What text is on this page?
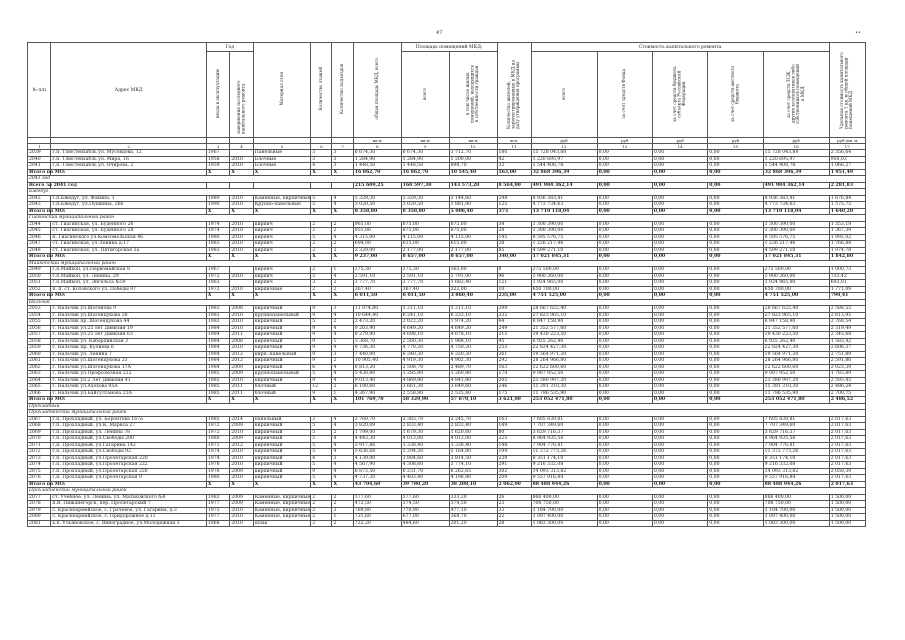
47	••
№ п/п	Адрес МКД	Год		Материал стен	Количество этажей	Количество подъездов	общая площадь МКД, всего	Площадь помещений МКД:		Количество жителей, зарегистрированных в МКД на дату утверждения программы	Стоимость капитального ремонта					Удельная стоимость капитального ремонта 1 кв. м общей площади помещений МКД
		ввода в эксплуатацию	завершения последнего капитального ремонта													
								всего	в том числе жилых помещений, находящихся в собственности граждан		всего	за счет средств Фонда	за счет средств бюджета субъекта Российской Федерации	за счет средств местного бюджета	за счет средств ТСЖ, других кооперативов либо собственников помещений в МКД	
							кв.м	кв.м	кв.м	чел.	руб	руб	руб	руб	руб	руб./кв. м
1	2	3	4	5	6	7	8	9	10	11	12	13	14	15	16	17
2039	г.п. Тлюстенхабль ул. Мусовдова, 12	1967		Панельные	3	3	6 674,30	6 674,30	3 712,70	180	15 728 043,88	0,00	0,00	0,00	15 728 043,88	2 356,64
2040	г.п. Тлюстенхабль ул. Мира, 16	1958	2010	Блочные	3	3	1 284,90	1 284,90	1 200,00	42	1 220 695,97	0,00	0,00	0,00	1 220 695,97	950,03
2041	г.п. Тлюстенхабль ул. Очирова, 2	1959	2010	Блочные	4	3	1 448,50	1 448,50	898,70	33	1 544 408,78	0,00	0,00	0,00	1 544 408,78	1 066,27
Итого по МО:		X	X	X	X	X	16 862,70	16 862,70	10 545,40	563,00	32 868 396,39	0,00	0,00	0,00	32 868 396,39	1 951,49
2041 год																
Всего за 2041 год							215 609,25	160 597,30	143 573,20	8 564,00	491 984 362,14	0,00	0,00	0,00	491 984 362,14	2 281,83
Бжедуг																
2042	г.п.Бжедуг, ул. Фокина, 1	1989	2010	Каменные, кирпичные	5	4	5 329,30	5 329,30	3 144,60	248	8 936 383,41	0,00	0,00	0,00	8 936 383,41	1 676,84
2043	г.п.Бжедуг, ул.Пушкина, 266	1990	2010	Крупно-панельные	5	4	3 029,50	3 029,50	1 881,80	125	4 773 734,63	0,00	0,00	0,00	4 773 734,63	1 575,75
Итого по МО:		X	X	X	X	X	8 358,80	8 358,80	5 006,40	373	13 710 118,04	0,00	0,00	0,00	13 710 118,04	1 640,20
Гиагинский муниципальный район																
2044	ст. Гиагинская, ул. Буденного 26	1974	2010	кирпич	2	2	961,00	875,00	875,00	34	1 300 390,00	0,00	0,00	0,00	1 300 390,00	1 353,19
2045	ст. Гиагинская, ул. Буденного 28	1974	2010	кирпич	2	2	951,00	875,00	875,00	28	1 300 390,00	0,00	0,00	0,00	1 300 390,00	1 367,39
2046	п. Гиагинского ул.Комсомольская 46	1980	2010	кирпич	5	4	4 315,00	4 115,00	4 115,00	145	8 595 576,75	0,00	0,00	0,00	8 595 576,75	1 992,02
2047	ст. Гиагинская, ул.Ленина д.17	1983	2010	кирпич	2	2	694,00	615,00	615,00	28	1 226 217,46	0,00	0,00	0,00	1 226 217,46	1 766,88
2048	ст. Гиагинская, ул. Пятигорская 3а	1983	2010	кирпич	2	2	2 329,00	2 177,00	2 177,00	85	4 599 271,10	0,00	0,00	0,00	4 599 271,10	1 974,78
Итого по МО:		X	X	X	X	X	9 237,00	8 657,00	8 657,00	340,00	17 021 845,31	0,00	0,00	0,00	17 021 845,31	1 842,80
Майкопский муниципальный район																
2049	г.п.Майкоп, ул.Первомайская 8	1967		кирпич	2	1	275,30	275,30	165,00	8	275 500,00	0,00	0,00	0,00	275 500,00	1 000,73
2050	г.п.Майкоп, ул. Ленина, 29	1972	2010	кирпич	5	4	2 591,10	2 591,10	1 791,00	96	1 900 360,00	0,00	0,00	0,00	1 900 360,00	733,42
2051	г.п.Майкоп, ул. Энгельса №59	1963		кирпич	3	2	2 777,70	2 777,70	1 682,40	121	1 924 965,00	0,00	0,00	0,00	1 924 965,00	693,01
2052	п. п. ст. Котовского ул. Победы 97	1972	2010	кирпичные	2	2	367,40	367,40	222,00	10	650 700,00	0,00	0,00	0,00	650 700,00	1 771,09
Итого по МО:		X	X	X	X	X	6 011,50	6 011,50	3 860,40	235,00	4 751 525,00	0,00	0,00	0,00	4 751 525,00	790,41
Нальчик																
2053	г. Нальчик ул.Шогенова 9	1983	2008	кирпичный	9	3	11 074,80	5 211,10	5 211,10	299	28 667 622,40	0,00	0,00	0,00	28 667 622,40	2 588,55
2054	г. Нальчик ул.Шогенцукова 28	1983	2010	крупнопанельный	9	4	10 644,40	6 241,10	6 233,10	332	27 823 965,10	0,00	0,00	0,00	27 823 965,10	2 613,95
2055	г. Нальчик пр. Шогенцукова 44	1983	2010	кирпичный	5	2	2 473,20	2 022,20	1 974,20	64	6 847 158,90	0,00	0,00	0,00	6 847 158,90	2 768,54
2056	г. Нальчик ул.25 лет Дивизии 19	1984	2010	кирпичный	9	4	9 203,90	4 649,20	4 649,20	249	21 352 577,60	0,00	0,00	0,00	21 352 577,60	2 319,49
2057	г. Нальчик ул.25 лет Дивизии 63	1984	2011	кирпичный	9	4	8 279,90	4 698,10	4 678,10	215	19 430 223,50	0,00	0,00	0,00	19 430 223,50	2 345,68
2058	г. Нальчик ул. Кабардинская 3	1984	2008	кирпичный	9	1	3 368,70	2 560,30	1 968,10	95	6 925 262,40	0,00	0,00	0,00	6 925 262,40	1 583,42
2059	г. Нальчик пр. Кулиева 6	1984	2010	кирпичный	9	4	8 736,30	4 770,20	4 750,20	253	22 824 427,30	0,00	0,00	0,00	22 824 427,30	2 606,37
2060	г. Нальчик ул. Ленина 7	1984	2012	кирп.-панельный	9	3	7 440,00	6 340,30	6 320,20	261	19 564 971,20	0,00	0,00	0,00	19 564 971,20	2 751,89
2061	г. Нальчик ул.Шогенцукова 23	1984	2012	кирпичный	9	2	10 905,40	4 919,30	4 902,30	292	28 264 966,80	0,00	0,00	0,00	28 264 966,80	2 591,86
2062	г. Нальчик ул.Шогенцукова 17А	1984	2009	кирпичный	6	4	6 813,20	2 508,70	2 489,70	163	12 622 600,60	0,00	0,00	0,00	12 622 600,60	2 023,39
2063	г. Нальчик ул.Профсоюзная 222	1985	2009	крупнопанельный	5	4	5 430,80	3 285,80	3 260,80	174	9 087 952,50	0,00	0,00	0,00	9 087 952,50	1 783,89
2064	г. Нальчик ул.2 Лет Дивизии 41	1985	2010	кирпичный	9	4	9 013,40	4 869,80	4 841,80	205	23 380 997,20	0,00	0,00	0,00	23 380 997,20	2 593,45
2065	г. Нальчик ул.Ахохова 95А	1985	2011	блочный	12	2	6 190,60	3 661,30	3 649,60	246	15 391 310,30	0,00	0,00	0,00	15 391 310,30	2 486,24
2066	г. Нальчик ул.Байсултанова 25А	1985	2011	блочный	9	1	4 367,90	2 558,80	2 535,80	175	11 796 535,90	0,00	0,00	0,00	11 796 535,90	2 700,75
Итого по МО:		X	X	X	X	X	101 769,70	58 329,90	57 670,10	3 621,00	253 052 471,80	0,00	0,00	0,00	253 052 471,80	2 486,52
Прохладный																
Прохладненский муниципальный район																
2067	г.п. Прохладный, ул. Боронтова 167а	1985	2014	панельный	3	4	3 769,70	3 383,70	3 245,70	163	7 605 839,81	0,00	0,00	0,00	7 605 839,81	2 017,63
2068	г.п. Прохладный, ул.К. Маркса 27	1972	2009	кирпичный	5	4	3 820,09	2 833,40	2 833,40	149	7 707 349,60	0,00	0,00	0,00	7 707 349,60	2 017,63
2069	г.п. Прохладный, ул. Ленина 78	1972	2010	кирпичный	5	2	1 799,00	1 679,30	1 620,60	80	3 629 716,37	0,00	0,00	0,00	3 629 716,37	2 017,63
2070	г.п. Прохладный, ул.Свободы 200	1980	2009	кирпичный	5	4	4 443,30	4 013,00	4 013,00	225	8 964 935,58	0,00	0,00	0,00	8 964 935,58	2 017,63
2071	г.п. Прохладный, ул.Гагарина 142	1971	2012	кирпичный	5	4	3 917,86	3 338,40	3 338,40	148	7 904 776,81	0,00	0,00	0,00	7 904 776,81	2 017,63
2072	г.п. Прохладный, ул.Свободы 92	1974	2010	кирпичный	5	4	5 636,68	5 294,20	5 164,80	199	11 372 773,26	0,00	0,00	0,00	11 372 773,26	2 017,63
2073	г.п. Прохладный, ул.Пролетарская 220	1974	2010	кирпичный	4	3	4 139,00	3 884,60	3 814,50	239	8 351 174,10	0,00	0,00	0,00	8 351 174,10	2 017,63
2074	г.п. Прохладный, ул.Пролетарская 222	1978	2010	кирпичный	5	4	4 567,90	4 308,60	3 774,10	291	9 216 332,08	0,00	0,00	0,00	9 216 332,08	2 017,63
2075	г.п. Прохладный, ул.Пролетарская 226	1976	2009	кирпичный	9	4	6 873,50	6 231,70	6 262,65	302	14 093 313,82	0,00	0,00	0,00	14 093 313,82	2 050,39
2076	г.п. Прохладный, ул.Пролетарская 9	1980	2010	кирпичный	5	4	4 737,20	4 403,40	4 198,80	209	9 557 916,84	0,00	0,00	0,00	9 557 916,84	2 017,63
Итого по МО:		X	X	X	X	X	43 704,60	39 780,20	38 208,10	2 062,00	88 488 944,26	0,00	0,00	0,00	88 488 944,26	2 017,63
Прохладненский муниципальный район																
2077	ст. Учебное, ул. Ленина, ул. Мальковского №8	1982	2009	Каменные, кирпичные	2	2	577,60	577,60	333,20	26	866 400,00	0,00	0,00	0,00	866 400,00	1 500,00
2078	п.В. Пижанегорск, пер. Пролетарский 7	1977	2009	Каменные, кирпичные	2	2	472,50	374,50	374,50	23	708 750,00	0,00	0,00	0,00	708 750,00	1 500,00
2079	с. Красноармейское, с. Грачевое, ул. Гагарина, д.3	1975	2010	Каменные, кирпичные	2	3	789,80	770,90	477,10	33	1 184 700,00	0,00	0,00	0,00	1 184 700,00	1 500,00
2080	с. Красноармейское, с. Придорожное д.11	1977	2010	Каменные, кирпичные	2	1	731,60	677,00	368,70	22	1 097 400,00	0,00	0,00	0,00	1 097 400,00	1 500,00
2081	х.п. Ульяновское, с. Виноградное, ул.Молодежная 3	1968	2010	шлак	2	2	722,20	484,60	201,20	28	1 083 300,00	0,00	0,00	0,00	1 083 300,00	1 500,00
